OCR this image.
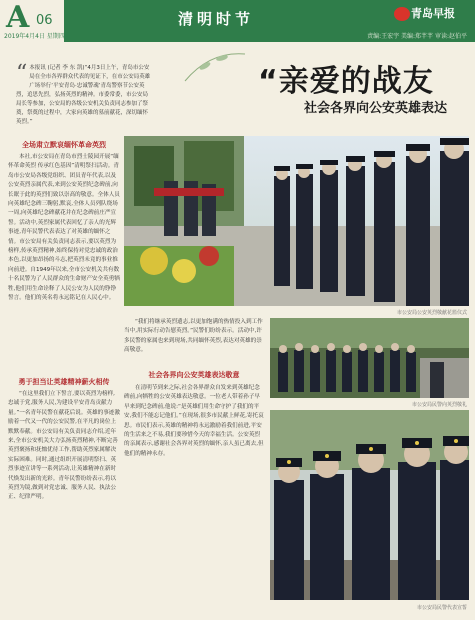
A 06	清明时节	青岛早报
2019年4月4日 星期四	责编:王宏宇 美编:郑芊芊 审读:赵伯平
“ 本报讯 (记者 李 东 凯)“4月3日上午，青岛市公安局在全市各界群众代表的见证下，在市公安局英雄广场举行‘平安青岛·忠诚警魂’青岛警察节公安英烈，追思先烈，弘扬英烈的精神。市委常委，市公安局局长等参加，公安局的各级公安机关负责同志参加了祭奠，祭奠的过程中，大家向英雄的墓前献花，深切缅怀英烈。”
“亲爱的战友
社会各界向公安英雄表达
全场肃立默哀缅怀革命英烈

本社,市公安局在青岛市烈士陵园开展“缅怀革命英烈 传承红色基因”清明祭扫活动。青岛市公安局各级党组织、团员青年代表,以及公安英烈亲属代表,来到公安英烈纪念碑前,向长眠于此的英烈们致以崇高的敬意。全体人员向英雄纪念碑三鞠躬,默哀,全体人员列队绕场一周,向英雄纪念碑献花并在纪念碑前庄严宣誓。活动中,英烈家属代表回忆了亲人的光辉事迹,青年民警代表表达了对英雄的缅怀之情。市公安局有关负责同志表示,要以英烈为榜样,传承英烈精神,始终保持对党忠诚的政治本色,以更加昂扬的斗志,把英烈未竟的事业推向前进。自1949年以来,全市公安机关共有数十名民警为了人民群众的生命财产安全英勇牺牲,他们用生命诠释了人民公安为人民的铮铮誓言。他们的英名将永远铭记在人民心中。

勇于担当让英雄精神薪火相传

“在这里我们立下誓言,要以英烈为榜样,忠诚于党,服务人民,为建设平安青岛贡献力量。”一名青年民警在献花后说。英雄的事迹激励着一代又一代的公安民警,在平凡的岗位上默默奉献。市公安局有关负责同志介绍,近年来,全市公安机关大力弘扬英烈精神,不断完善英烈褒扬和抚恤优待工作,帮助英烈家属解决实际困难。同时,通过组织开展清明祭扫、英烈事迹宣讲等一系列活动,让英雄精神在新时代焕发出新的光彩。青年民警纷纷表示,将以英烈为镜,做到对党忠诚、服务人民、执法公正、纪律严明。

市公安局公安英烈敬献花篮仪式

“我们将继承英烈遗志,以更加饱满的热情投入到工作当中,用实际行动告慰英烈。”民警们纷纷表示。活动中,许多民警的家属也来到现场,共同缅怀英烈,表达对英雄的崇高敬意。

社会各界向公安英雄表达敬意

在清明节到来之际,社会各界群众自发来到英雄纪念碑前,向牺牲的公安英雄表达敬意。一位老人带着孙子早早来到纪念碑前,他说:“是英雄们用生命守护了我们的平安,我们不能忘记他们。”在现场,很多市民献上鲜花,寄托哀思。市民们表示,英雄的精神将永远激励着我们前进,平安的生活来之不易,我们要珍惜今天的幸福生活。公安英烈的亲属表示,感谢社会各界对英烈的缅怀,亲人虽已离去,但他们的精神永存。

市公安局民警向英烈敬礼
市公安局民警代表宣誓
